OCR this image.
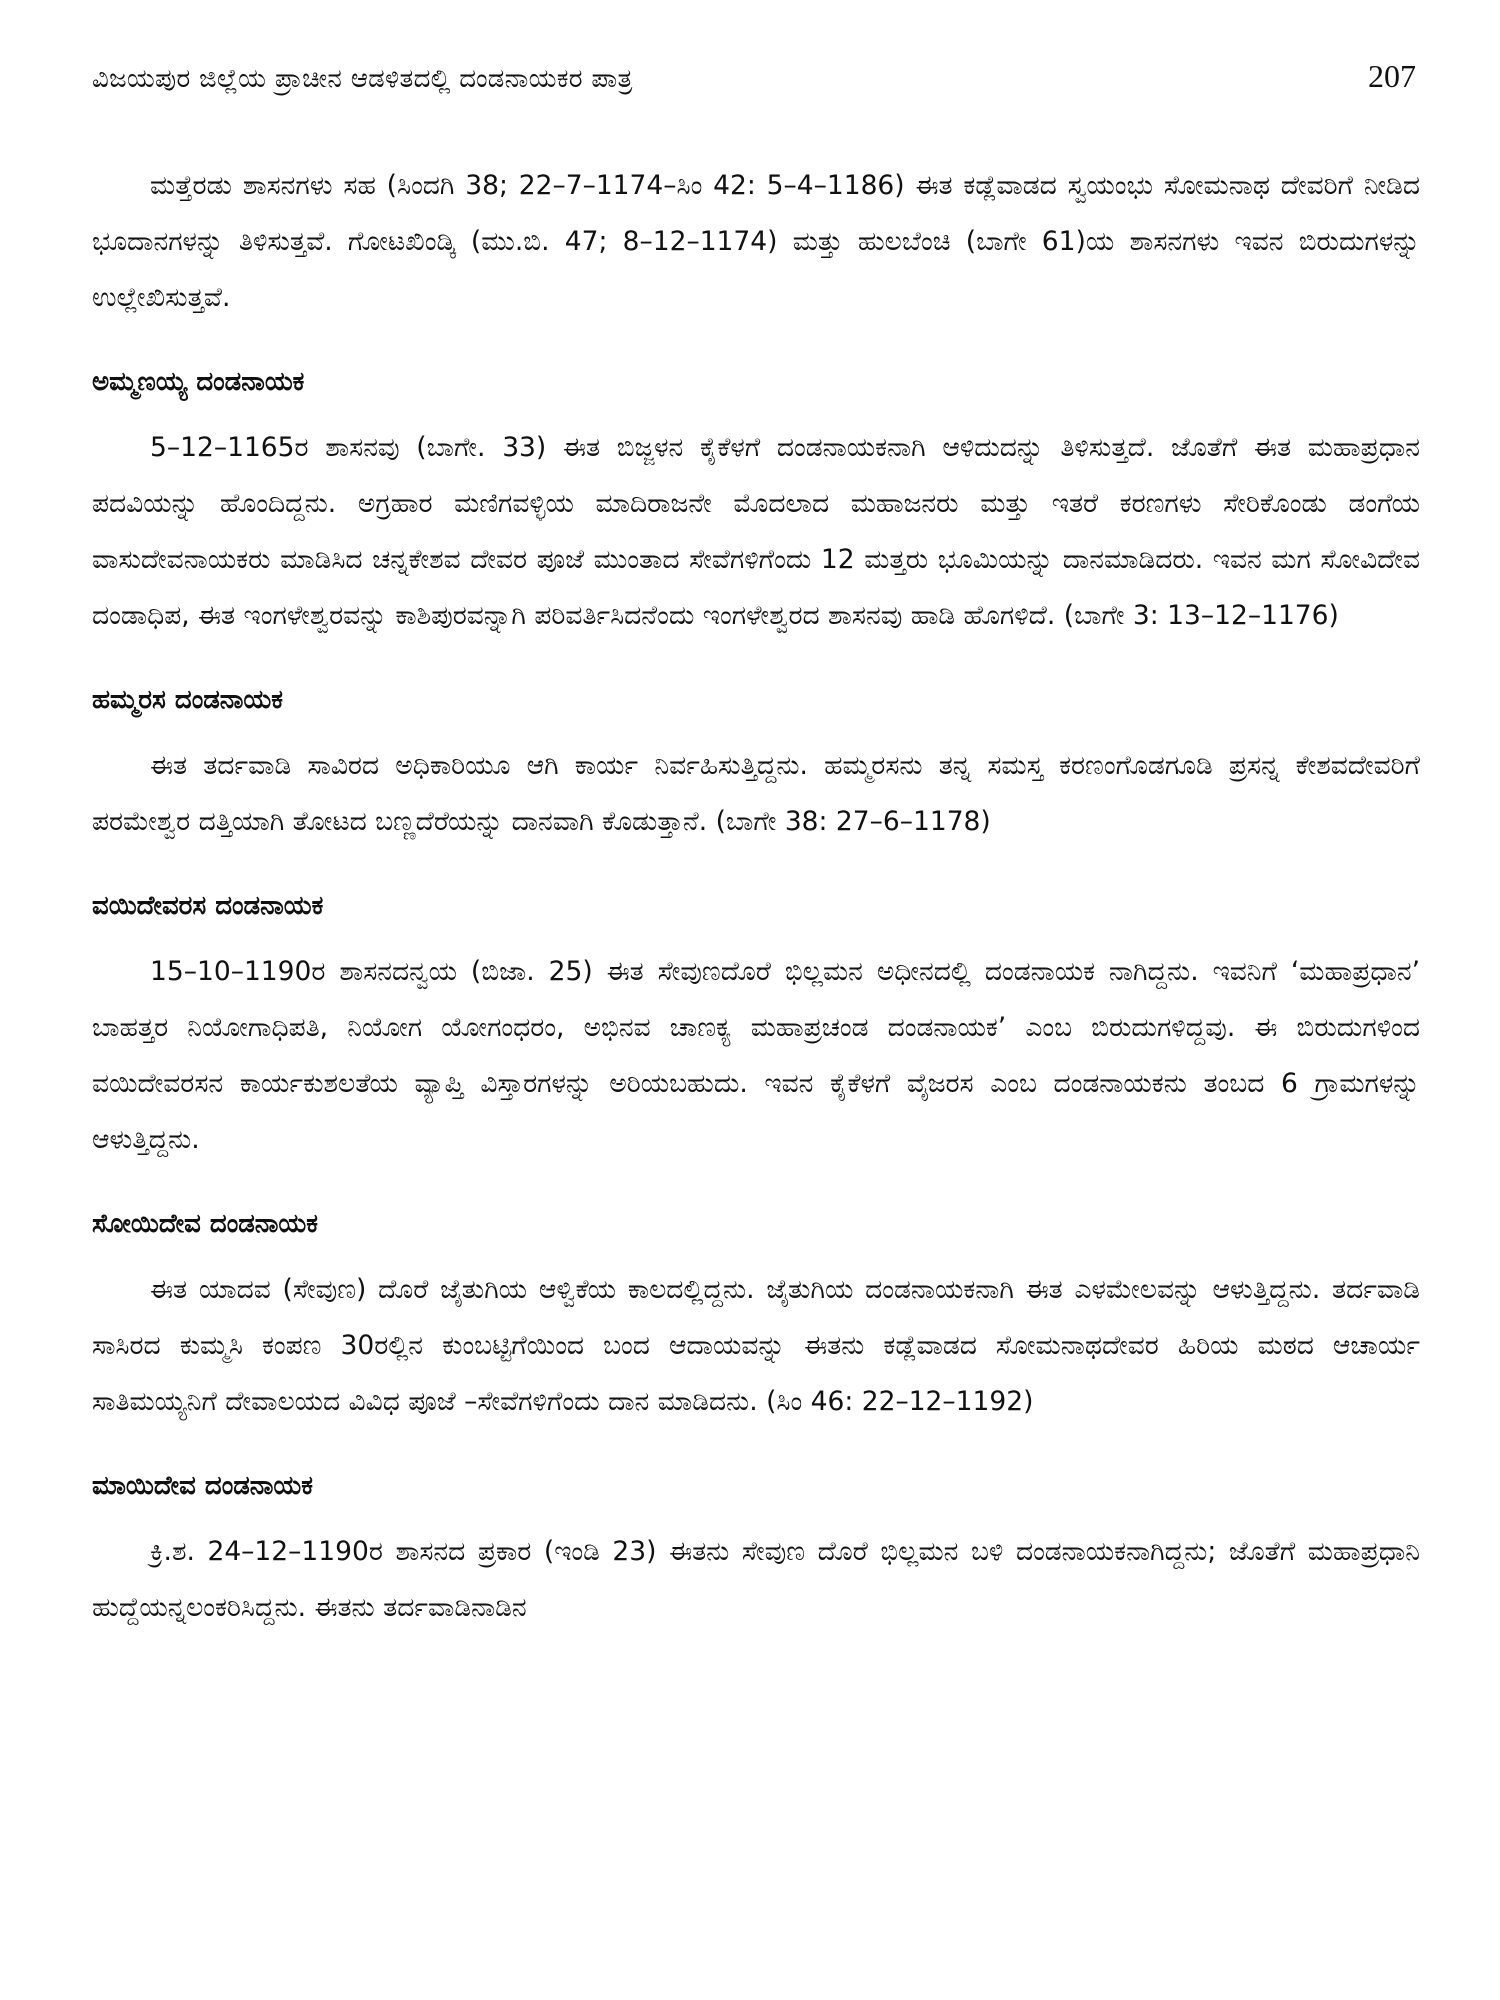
ವಿಜಯಪುರ ಜಿಲ್ಲೆಯ ಪ್ರಾಚೀನ ಆಡಳಿತದಲ್ಲಿ ದಂಡನಾಯಕರ ಪಾತ್ರ	207

ಮತ್ತೆರಡು ಶಾಸನಗಳು ಸಹ (ಸಿಂದಗಿ 38; 22–7–1174–ಸಿಂ 42: 5–4–1186) ಈತ ಕಡ್ಲೆವಾಡದ ಸ್ವಯಂಭು ಸೋಮನಾಥ ದೇವರಿಗೆ ನೀಡಿದ ಭೂದಾನಗಳನ್ನು ತಿಳಿಸುತ್ತವೆ. ಗೋಟಖಿಂಡ್ಕಿ (ಮು.ಬಿ. 47; 8–12–1174) ಮತ್ತು ಹುಲಬೆಂಚಿ (ಬಾಗೇ 61)ಯ ಶಾಸನಗಳು ಇವನ ಬಿರುದುಗಳನ್ನು ಉಲ್ಲೇಖಿಸುತ್ತವೆ.

ಅಮ್ಮಣಯ್ಯ ದಂಡನಾಯಕ

5–12–1165ರ ಶಾಸನವು (ಬಾಗೇ. 33) ಈತ ಬಿಜ್ಜಳನ ಕೈಕೆಳಗೆ ದಂಡನಾಯಕನಾಗಿ ಆಳಿದುದನ್ನು ತಿಳಿಸುತ್ತದೆ. ಜೊತೆಗೆ ಈತ ಮಹಾಪ್ರಧಾನ ಪದವಿಯನ್ನು ಹೊಂದಿದ್ದನು. ಅಗ್ರಹಾರ ಮಣಿಗವಳ್ಳಿಯ ಮಾದಿರಾಜನೇ ಮೊದಲಾದ ಮಹಾಜನರು ಮತ್ತು ಇತರೆ ಕರಣಗಳು ಸೇರಿಕೊಂಡು ಡಂಗೆಯ ವಾಸುದೇವನಾಯಕರು ಮಾಡಿಸಿದ ಚನ್ನಕೇಶವ ದೇವರ ಪೂಜೆ ಮುಂತಾದ ಸೇವೆಗಳಿಗೆಂದು 12 ಮತ್ತರು ಭೂಮಿಯನ್ನು ದಾನಮಾಡಿದರು. ಇವನ ಮಗ ಸೋವಿದೇವ ದಂಡಾಧಿಪ, ಈತ ಇಂಗಳೇಶ್ವರವನ್ನು ಕಾಶಿಪುರವನ್ನಾಗಿ ಪರಿವರ್ತಿಸಿದನೆಂದು ಇಂಗಳೇಶ್ವರದ ಶಾಸನವು ಹಾಡಿ ಹೊಗಳಿದೆ. (ಬಾಗೇ 3: 13–12–1176)

ಹಮ್ಮರಸ ದಂಡನಾಯಕ

ಈತ ತರ್ದವಾಡಿ ಸಾವಿರದ ಅಧಿಕಾರಿಯೂ ಆಗಿ ಕಾರ್ಯ ನಿರ್ವಹಿಸುತ್ತಿದ್ದನು. ಹಮ್ಮರಸನು ತನ್ನ ಸಮಸ್ತ ಕರಣಂಗೊಡಗೂಡಿ ಪ್ರಸನ್ನ ಕೇಶವದೇವರಿಗೆ ಪರಮೇಶ್ವರ ದತ್ತಿಯಾಗಿ ತೋಟದ ಬಣ್ಣದೆರೆಯನ್ನು ದಾನವಾಗಿ ಕೊಡುತ್ತಾನೆ. (ಬಾಗೇ 38: 27–6–1178)

ವಯಿದೇವರಸ ದಂಡನಾಯಕ

15–10–1190ರ ಶಾಸನದನ್ವಯ (ಬಿಜಾ. 25) ಈತ ಸೇವುಣದೊರೆ ಭಿಲ್ಲಮನ ಅಧೀನದಲ್ಲಿ ದಂಡನಾಯಕ ನಾಗಿದ್ದನು. ಇವನಿಗೆ ‘ಮಹಾಪ್ರಧಾನ’ ಬಾಹತ್ತರ ನಿಯೋಗಾಧಿಪತಿ, ನಿಯೋಗ ಯೋಗಂಧರಂ, ಅಭಿನವ ಚಾಣಕ್ಯ ಮಹಾಪ್ರಚಂಡ ದಂಡನಾಯಕ’ ಎಂಬ ಬಿರುದುಗಳಿದ್ದವು. ಈ ಬಿರುದುಗಳಿಂದ ವಯಿದೇವರಸನ ಕಾರ್ಯಕುಶಲತೆಯ ವ್ಯಾಪ್ತಿ ವಿಸ್ತಾರಗಳನ್ನು ಅರಿಯಬಹುದು. ಇವನ ಕೈಕೆಳಗೆ ವೈಜರಸ ಎಂಬ ದಂಡನಾಯಕನು ತಂಬದ 6 ಗ್ರಾಮಗಳನ್ನು ಆಳುತ್ತಿದ್ದನು.

ಸೋಯಿದೇವ ದಂಡನಾಯಕ

ಈತ ಯಾದವ (ಸೇವುಣ) ದೊರೆ ಜೈತುಗಿಯ ಆಳ್ವಿಕೆಯ ಕಾಲದಲ್ಲಿದ್ದನು. ಜೈತುಗಿಯ ದಂಡನಾಯಕನಾಗಿ ಈತ ಎಳಮೇಲವನ್ನು ಆಳುತ್ತಿದ್ದನು. ತರ್ದವಾಡಿ ಸಾಸಿರದ ಕುಮ್ಮಸಿ ಕಂಪಣ 30ರಲ್ಲಿನ ಕುಂಬಟ್ಟಿಗೆಯಿಂದ ಬಂದ ಆದಾಯವನ್ನು ಈತನು ಕಡ್ಲೆವಾಡದ ಸೋಮನಾಥದೇವರ ಹಿರಿಯ ಮಠದ ಆಚಾರ್ಯ ಸಾತಿಮಯ್ಯನಿಗೆ ದೇವಾಲಯದ ವಿವಿಧ ಪೂಜೆ –ಸೇವೆಗಳಿಗೆಂದು ದಾನ ಮಾಡಿದನು. (ಸಿಂ 46: 22–12–1192)

ಮಾಯಿದೇವ ದಂಡನಾಯಕ

ಕ್ರಿ.ಶ. 24–12–1190ರ ಶಾಸನದ ಪ್ರಕಾರ (ಇಂಡಿ 23) ಈತನು ಸೇವುಣ ದೊರೆ ಭಿಲ್ಲಮನ ಬಳಿ ದಂಡನಾಯಕನಾಗಿದ್ದನು; ಜೊತೆಗೆ ಮಹಾಪ್ರಧಾನಿ ಹುದ್ದೆಯನ್ನಲಂಕರಿಸಿದ್ದನು. ಈತನು ತರ್ದವಾಡಿನಾಡಿನ
